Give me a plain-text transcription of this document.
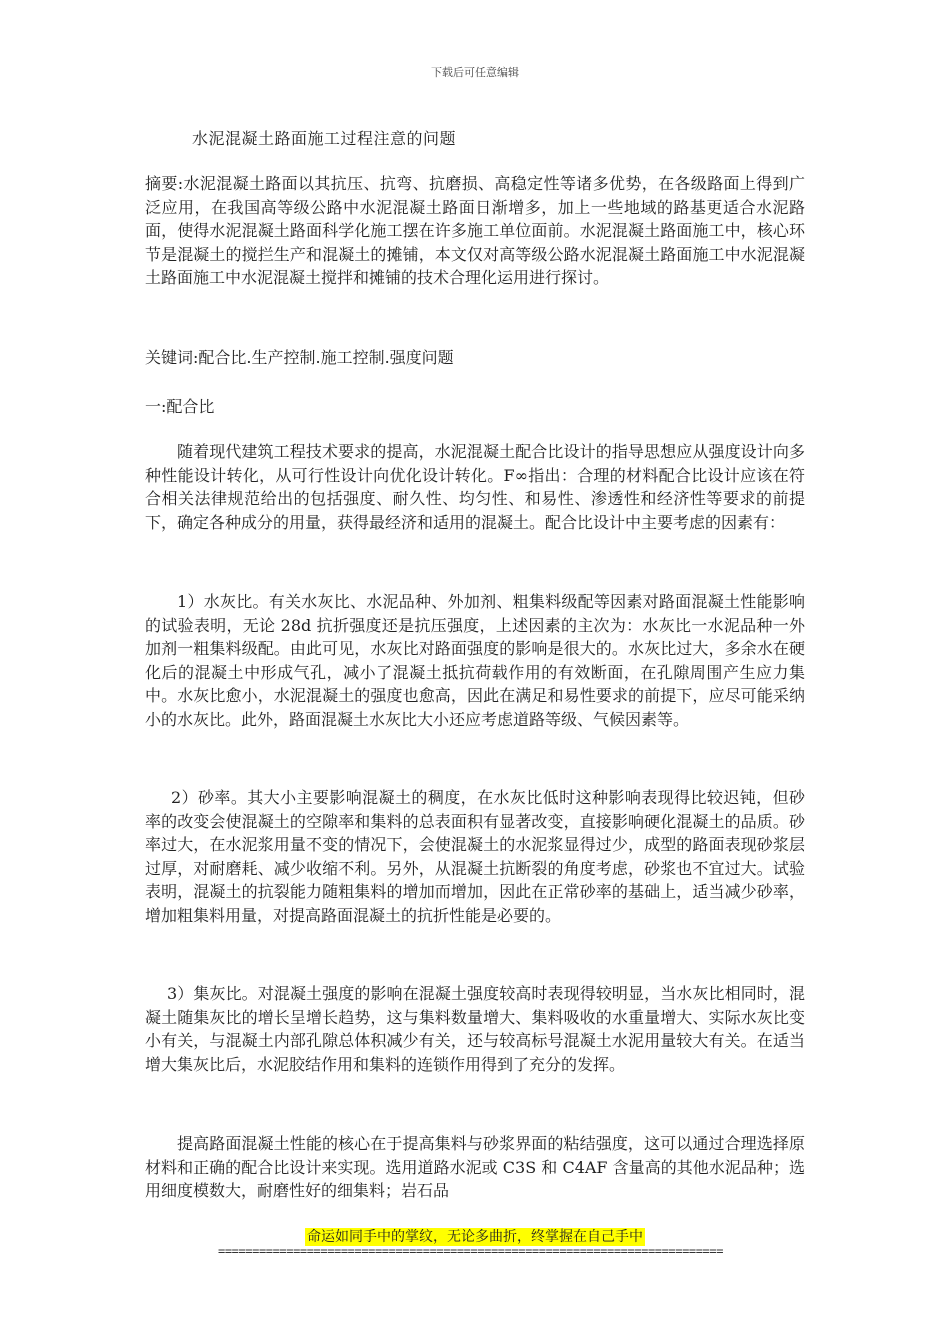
下载后可任意编辑
水泥混凝土路面施工过程注意的问题

摘要:水泥混凝土路面以其抗压、抗弯、抗磨损、高稳定性等诸多优势，在各级路面上得到广泛应用，在我国高等级公路中水泥混凝土路面日渐增多，加上一些地域的路基更适合水泥路面，使得水泥混凝土路面科学化施工摆在许多施工单位面前。水泥混凝土路面施工中，核心环节是混凝土的搅拦生产和混凝土的摊铺，本文仅对高等级公路水泥混凝土路面施工中水泥混凝土路面施工中水泥混凝土搅拌和摊铺的技术合理化运用进行探讨。

关键词:配合比.生产控制.施工控制.强度问题
一:配合比

随着现代建筑工程技术要求的提高，水泥混凝土配合比设计的指导思想应从强度设计向多种性能设计转化，从可行性设计向优化设计转化。F∞指出：合理的材料配合比设计应该在符合相关法律规范给出的包括强度、耐久性、均匀性、和易性、渗透性和经济性等要求的前提下，确定各种成分的用量，获得最经济和适用的混凝土。配合比设计中主要考虑的因素有：

1）水灰比。有关水灰比、水泥品种、外加剂、粗集料级配等因素对路面混凝土性能影响的试验表明，无论 28d 抗折强度还是抗压强度，上述因素的主次为：水灰比一水泥品种一外加剂一粗集料级配。由此可见，水灰比对路面强度的影响是很大的。水灰比过大，多余水在硬化后的混凝土中形成气孔，减小了混凝土抵抗荷载作用的有效断面，在孔隙周围产生应力集中。水灰比愈小，水泥混凝土的强度也愈高，因此在满足和易性要求的前提下，应尽可能采纳小的水灰比。此外，路面混凝土水灰比大小还应考虑道路等级、气候因素等。

2）砂率。其大小主要影响混凝土的稠度，在水灰比低时这种影响表现得比较迟钝，但砂率的改变会使混凝土的空隙率和集料的总表面积有显著改变，直接影响硬化混凝土的品质。砂率过大，在水泥浆用量不变的情况下，会使混凝土的水泥浆显得过少，成型的路面表现砂浆层过厚，对耐磨耗、减少收缩不利。另外，从混凝土抗断裂的角度考虑，砂浆也不宜过大。试验表明，混凝土的抗裂能力随粗集料的增加而增加，因此在正常砂率的基础上，适当减少砂率，增加粗集料用量，对提高路面混凝土的抗折性能是必要的。

3）集灰比。对混凝土强度的影响在混凝土强度较高时表现得较明显，当水灰比相同时，混凝土随集灰比的增长呈增长趋势，这与集料数量增大、集料吸收的水重量增大、实际水灰比变小有关，与混凝土内部孔隙总体积减少有关，还与较高标号混凝土水泥用量较大有关。在适当增大集灰比后，水泥胶结作用和集料的连锁作用得到了充分的发挥。

提高路面混凝土性能的核心在于提高集料与砂浆界面的粘结强度，这可以通过合理选择原材料和正确的配合比设计来实现。选用道路水泥或 C3S 和 C4AF 含量高的其他水泥品种；选用细度模数大，耐磨性好的细集料；岩石品

命运如同手中的掌纹，无论多曲折，终掌握在自己手中
==========================================================================
